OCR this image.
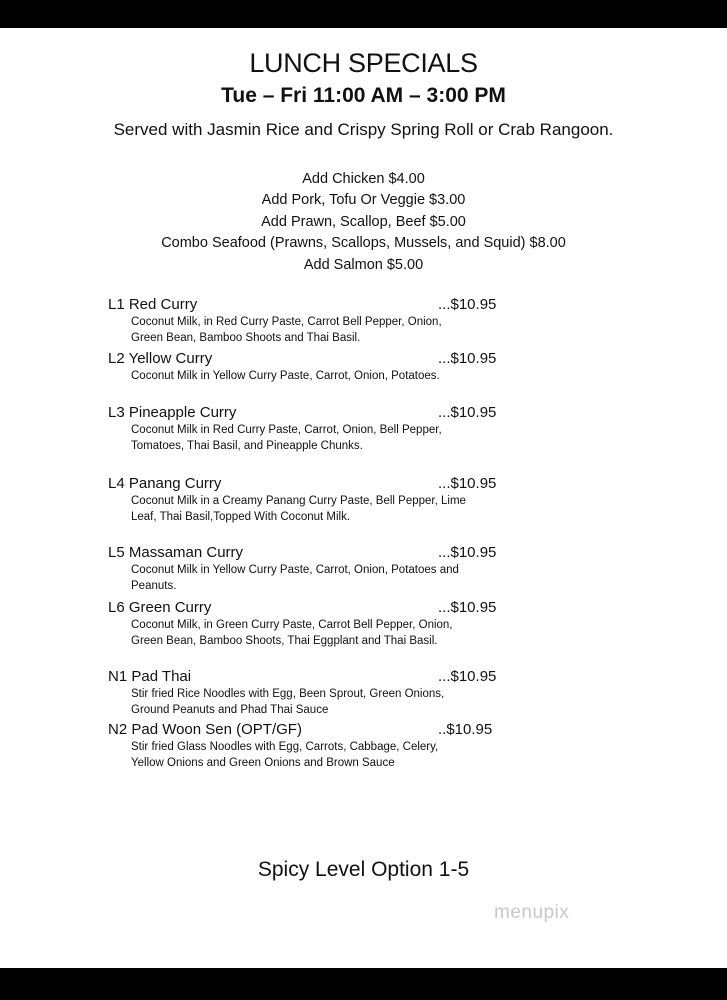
LUNCH SPECIALS
Tue – Fri 11:00 AM – 3:00 PM
Served with Jasmin Rice and Crispy Spring Roll or Crab Rangoon.
Add Chicken $4.00
Add Pork, Tofu Or Veggie $3.00
Add Prawn, Scallop, Beef $5.00
Combo Seafood (Prawns, Scallops, Mussels, and Squid) $8.00
Add Salmon $5.00
L1 Red Curry	...$10.95
Coconut Milk, in Red Curry Paste, Carrot Bell Pepper, Onion, Green Bean, Bamboo Shoots and Thai Basil.
L2 Yellow Curry	...$10.95
Coconut Milk in Yellow Curry Paste, Carrot, Onion, Potatoes.
L3 Pineapple Curry	...$10.95
Coconut Milk in Red Curry Paste, Carrot, Onion, Bell Pepper, Tomatoes, Thai Basil, and Pineapple Chunks.
L4 Panang Curry	...$10.95
Coconut Milk in a Creamy Panang Curry Paste, Bell Pepper, Lime Leaf, Thai Basil,Topped With Coconut Milk.
L5 Massaman Curry	...$10.95
Coconut Milk in Yellow Curry Paste, Carrot, Onion, Potatoes and Peanuts.
L6 Green Curry	...$10.95
Coconut Milk, in Green Curry Paste, Carrot Bell Pepper, Onion, Green Bean, Bamboo Shoots, Thai Eggplant and Thai Basil.
N1 Pad Thai	...$10.95
Stir fried Rice Noodles with Egg, Been Sprout, Green Onions, Ground Peanuts and Phad Thai Sauce
N2 Pad Woon Sen (OPT/GF)	..$10.95
Stir fried Glass Noodles with Egg, Carrots, Cabbage, Celery, Yellow Onions and Green Onions and Brown Sauce
Spicy Level Option 1-5
menupix
